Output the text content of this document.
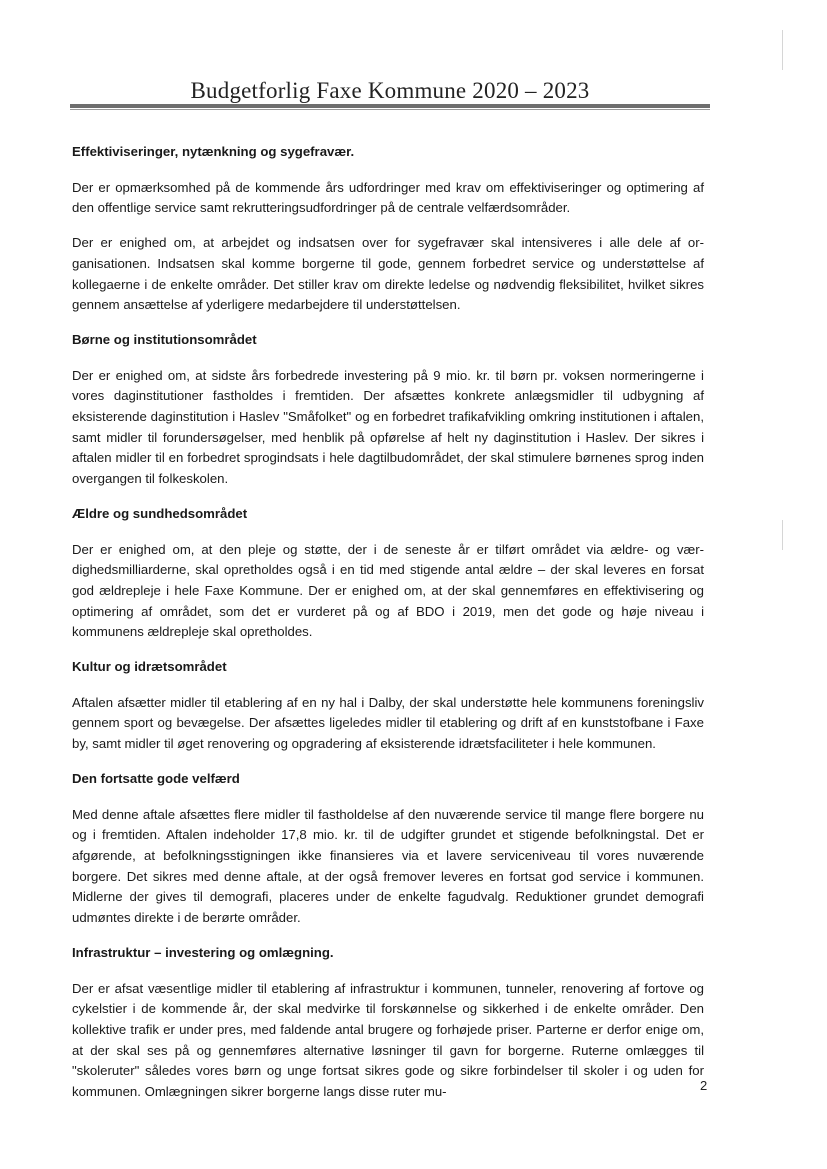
Budgetforlig Faxe Kommune 2020 – 2023

Effektiviseringer, nytænkning og sygefravær.

Der er opmærksomhed på de kommende års udfordringer med krav om effektiviseringer og optimering af den offentlige service samt rekrutteringsudfordringer på de centrale velfærdsområder.

Der er enighed om, at arbejdet og indsatsen over for sygefravær skal intensiveres i alle dele af organisationen. Indsatsen skal komme borgerne til gode, gennem forbedret service og understøttelse af kollegaerne i de enkelte områder. Det stiller krav om direkte ledelse og nødvendig fleksibilitet, hvilket sikres gennem ansættelse af yderligere medarbejdere til understøttelsen.

Børne og institutionsområdet

Der er enighed om, at sidste års forbedrede investering på 9 mio. kr. til børn pr. voksen normeringerne i vores daginstitutioner fastholdes i fremtiden. Der afsættes konkrete anlægsmidler til udbygning af eksisterende daginstitution i Haslev "Småfolket" og en forbedret trafikafvikling omkring institutionen i aftalen, samt midler til forundersøgelser, med henblik på opførelse af helt ny daginstitution i Haslev. Der sikres i aftalen midler til en forbedret sprogindsats i hele dagtilbudområdet, der skal stimulere børnenes sprog inden overgangen til folkeskolen.

Ældre og sundhedsområdet

Der er enighed om, at den pleje og støtte, der i de seneste år er tilført området via ældre- og værdighedsmilliarderne, skal opretholdes også i en tid med stigende antal ældre – der skal leveres en forsat god ældrepleje i hele Faxe Kommune. Der er enighed om, at der skal gennemføres en effektivisering og optimering af området, som det er vurderet på og af BDO i 2019, men det gode og høje niveau i kommunens ældrepleje skal opretholdes.

Kultur og idrætsområdet

Aftalen afsætter midler til etablering af en ny hal i Dalby, der skal understøtte hele kommunens foreningsliv gennem sport og bevægelse. Der afsættes ligeledes midler til etablering og drift af en kunststofbane i Faxe by, samt midler til øget renovering og opgradering af eksisterende idrætsfaciliteter i hele kommunen.

Den fortsatte gode velfærd

Med denne aftale afsættes flere midler til fastholdelse af den nuværende service til mange flere borgere nu og i fremtiden. Aftalen indeholder 17,8 mio. kr. til de udgifter grundet et stigende befolkningstal. Det er afgørende, at befolkningsstigningen ikke finansieres via et lavere serviceniveau til vores nuværende borgere. Det sikres med denne aftale, at der også fremover leveres en fortsat god service i kommunen. Midlerne der gives til demografi, placeres under de enkelte fagudvalg. Reduktioner grundet demografi udmøntes direkte i de berørte områder.

Infrastruktur – investering og omlægning.

Der er afsat væsentlige midler til etablering af infrastruktur i kommunen, tunneler, renovering af fortove og cykelstier i de kommende år, der skal medvirke til forskønnelse og sikkerhed i de enkelte områder. Den kollektive trafik er under pres, med faldende antal brugere og forhøjede priser. Parterne er derfor enige om, at der skal ses på og gennemføres alternative løsninger til gavn for borgerne. Ruterne omlægges til "skoleruter" således vores børn og unge fortsat sikres gode og sikre forbindelser til skoler i og uden for kommunen. Omlægningen sikrer borgerne langs disse ruter mu-	2
